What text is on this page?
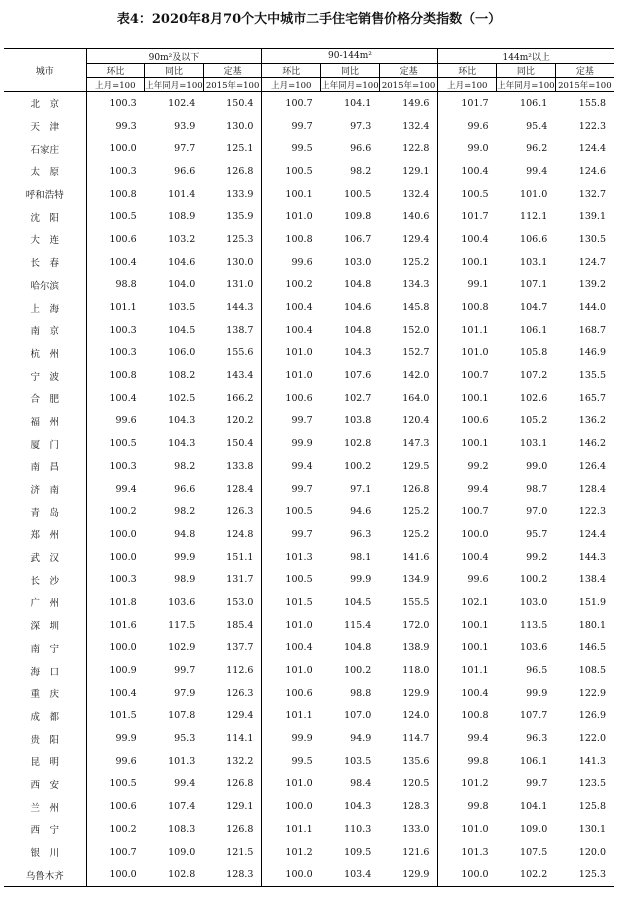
表4：2020年8月70个大中城市二手住宅销售价格分类指数（一）
城市	90m²及以下			90-144m²			144m²以上		
	环比	同比	定基	环比	同比	定基	环比	同比	定基
	上月=100	上年同月=100	2015年=100	上月=100	上年同月=100	2015年=100	上月=100	上年同月=100	2015年=100
北　京	100.3	102.4	150.4	100.7	104.1	149.6	101.7	106.1	155.8
天　津	99.3	93.9	130.0	99.7	97.3	132.4	99.6	95.4	122.3
石家庄	100.0	97.7	125.1	99.5	96.6	122.8	99.0	96.2	124.4
太　原	100.3	96.6	126.8	100.5	98.2	129.1	100.4	99.4	124.6
呼和浩特	100.8	101.4	133.9	100.1	100.5	132.4	100.5	101.0	132.7
沈　阳	100.5	108.9	135.9	101.0	109.8	140.6	101.7	112.1	139.1
大　连	100.6	103.2	125.3	100.8	106.7	129.4	100.4	106.6	130.5
长　春	100.4	104.6	130.0	99.6	103.0	125.2	100.1	103.1	124.7
哈尔滨	98.8	104.0	131.0	100.2	104.8	134.3	99.1	107.1	139.2
上　海	101.1	103.5	144.3	100.4	104.6	145.8	100.8	104.7	144.0
南　京	100.3	104.5	138.7	100.4	104.8	152.0	101.1	106.1	168.7
杭　州	100.3	106.0	155.6	101.0	104.3	152.7	101.0	105.8	146.9
宁　波	100.8	108.2	143.4	101.0	107.6	142.0	100.7	107.2	135.5
合　肥	100.4	102.5	166.2	100.6	102.7	164.0	100.1	102.6	165.7
福　州	99.6	104.3	120.2	99.7	103.8	120.4	100.6	105.2	136.2
厦　门	100.5	104.3	150.4	99.9	102.8	147.3	100.1	103.1	146.2
南　昌	100.3	98.2	133.8	99.4	100.2	129.5	99.2	99.0	126.4
济　南	99.4	96.6	128.4	99.7	97.1	126.8	99.4	98.7	128.4
青　岛	100.2	98.2	126.3	100.5	94.6	125.2	100.7	97.0	122.3
郑　州	100.0	94.8	124.8	99.7	96.3	125.2	100.0	95.7	124.4
武　汉	100.0	99.9	151.1	101.3	98.1	141.6	100.4	99.2	144.3
长　沙	100.3	98.9	131.7	100.5	99.9	134.9	99.6	100.2	138.4
广　州	101.8	103.6	153.0	101.5	104.5	155.5	102.1	103.0	151.9
深　圳	101.6	117.5	185.4	101.0	115.4	172.0	100.1	113.5	180.1
南　宁	100.0	102.9	137.7	100.4	104.8	138.9	100.1	103.6	146.5
海　口	100.9	99.7	112.6	101.0	100.2	118.0	101.1	96.5	108.5
重　庆	100.4	97.9	126.3	100.6	98.8	129.9	100.4	99.9	122.9
成　都	101.5	107.8	129.4	101.1	107.0	124.0	100.8	107.7	126.9
贵　阳	99.9	95.3	114.1	99.9	94.9	114.7	99.4	96.3	122.0
昆　明	99.6	101.3	132.2	99.5	103.5	135.6	99.8	106.1	141.3
西　安	100.5	99.4	126.8	101.0	98.4	120.5	101.2	99.7	123.5
兰　州	100.6	107.4	129.1	100.0	104.3	128.3	99.8	104.1	125.8
西　宁	100.2	108.3	126.8	101.1	110.3	133.0	101.0	109.0	130.1
银　川	100.7	109.0	121.5	101.2	109.5	121.6	101.3	107.5	120.0
乌鲁木齐	100.0	102.8	128.3	100.0	103.4	129.9	100.0	102.2	125.3
